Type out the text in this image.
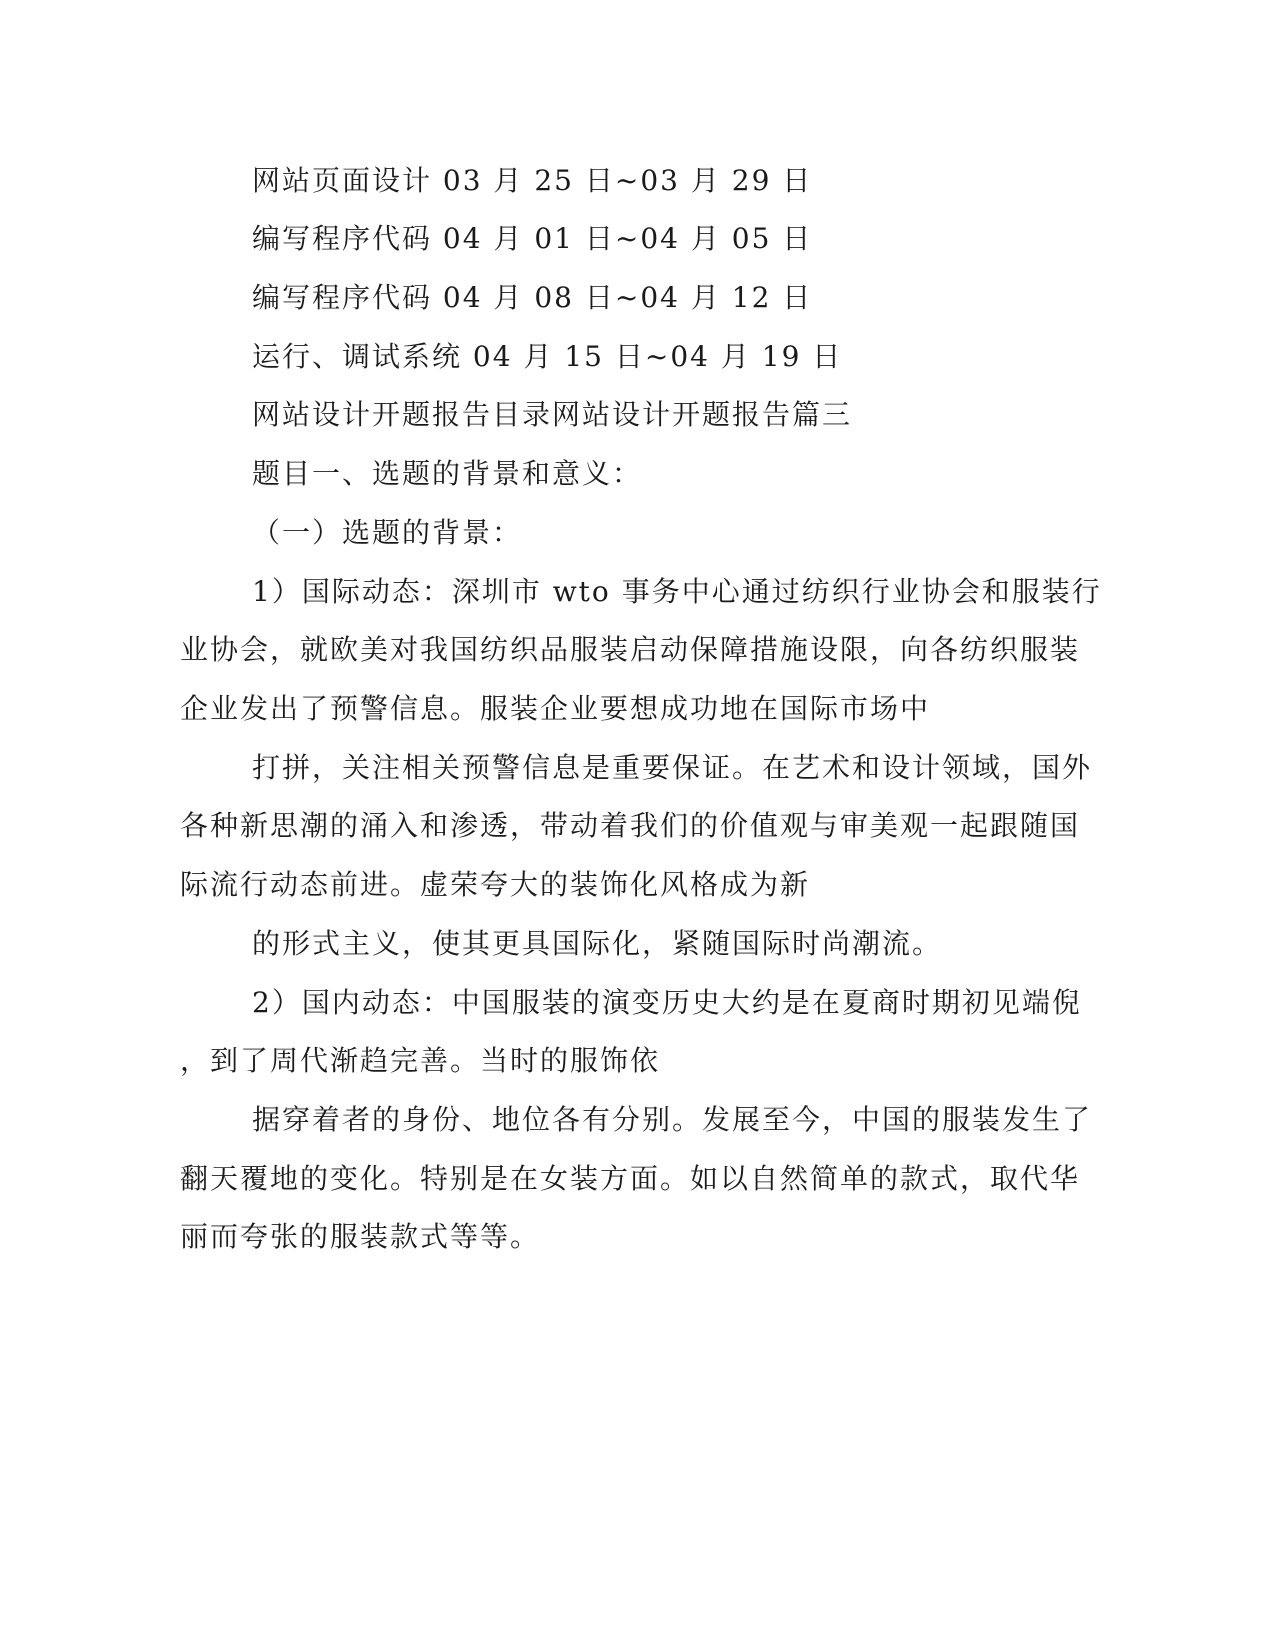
网站页面设计 03 月 25 日~03 月 29 日

编写程序代码 04 月 01 日~04 月 05 日

编写程序代码 04 月 08 日~04 月 12 日

运行、调试系统 04 月 15 日~04 月 19 日

网站设计开题报告目录网站设计开题报告篇三

题目一、选题的背景和意义：

（一）选题的背景：

1）国际动态：深圳市 wto 事务中心通过纺织行业协会和服装行

业协会，就欧美对我国纺织品服装启动保障措施设限，向各纺织服装

企业发出了预警信息。服装企业要想成功地在国际市场中

打拼，关注相关预警信息是重要保证。在艺术和设计领域，国外

各种新思潮的涌入和渗透，带动着我们的价值观与审美观一起跟随国

际流行动态前进。虚荣夸大的装饰化风格成为新

的形式主义，使其更具国际化，紧随国际时尚潮流。

2）国内动态：中国服装的演变历史大约是在夏商时期初见端倪

，到了周代渐趋完善。当时的服饰依

据穿着者的身份、地位各有分别。发展至今，中国的服装发生了

翻天覆地的变化。特别是在女装方面。如以自然简单的款式，取代华

丽而夸张的服装款式等等。
